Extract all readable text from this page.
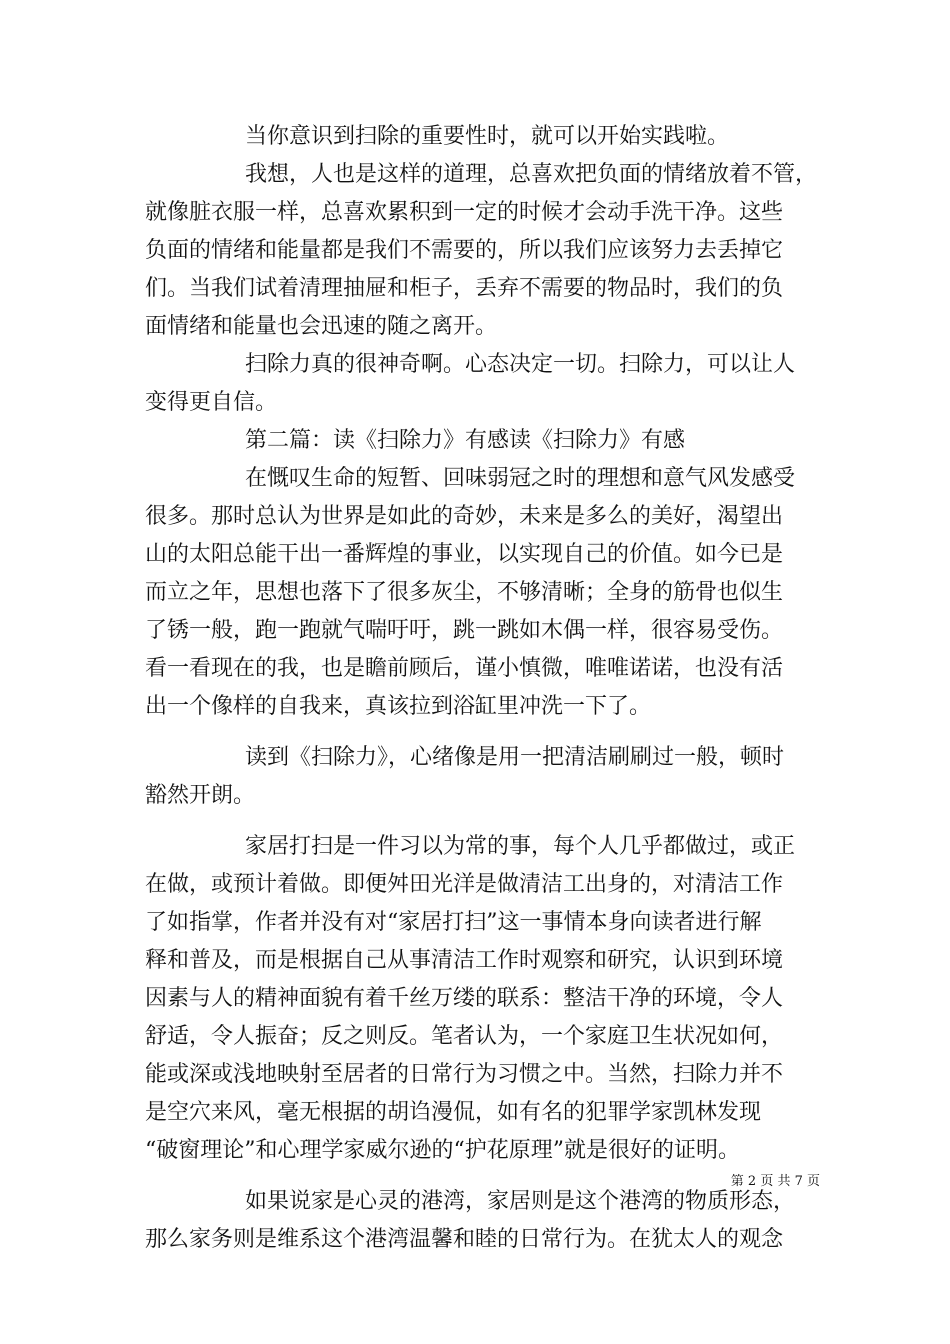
当你意识到扫除的重要性时，就可以开始实践啦。
我想，人也是这样的道理，总喜欢把负面的情绪放着不管，
就像脏衣服一样，总喜欢累积到一定的时候才会动手洗干净。这些
负面的情绪和能量都是我们不需要的，所以我们应该努力去丢掉它
们。当我们试着清理抽屉和柜子，丢弃不需要的物品时，我们的负
面情绪和能量也会迅速的随之离开。
扫除力真的很神奇啊。心态决定一切。扫除力，可以让人
变得更自信。
第二篇：读《扫除力》有感读《扫除力》有感
在慨叹生命的短暂、回味弱冠之时的理想和意气风发感受
很多。那时总认为世界是如此的奇妙，未来是多么的美好，渴望出
山的太阳总能干出一番辉煌的事业，以实现自己的价值。如今已是
而立之年，思想也落下了很多灰尘，不够清晰；全身的筋骨也似生
了锈一般，跑一跑就气喘吁吁，跳一跳如木偶一样，很容易受伤。
看一看现在的我，也是瞻前顾后，谨小慎微，唯唯诺诺，也没有活
出一个像样的自我来，真该拉到浴缸里冲洗一下了。
读到《扫除力》，心绪像是用一把清洁刷刷过一般，顿时
豁然开朗。
家居打扫是一件习以为常的事，每个人几乎都做过，或正
在做，或预计着做。即便舛田光洋是做清洁工出身的，对清洁工作
了如指掌，作者并没有对“家居打扫”这一事情本身向读者进行解
释和普及，而是根据自己从事清洁工作时观察和研究，认识到环境
因素与人的精神面貌有着千丝万缕的联系：整洁干净的环境，令人
舒适，令人振奋；反之则反。笔者认为，一个家庭卫生状况如何，
能或深或浅地映射至居者的日常行为习惯之中。当然，扫除力并不
是空穴来风，毫无根据的胡诌漫侃，如有名的犯罪学家凯林发现
“破窗理论”和心理学家威尔逊的“护花原理”就是很好的证明。
如果说家是心灵的港湾，家居则是这个港湾的物质形态，
那么家务则是维系这个港湾温馨和睦的日常行为。在犹太人的观念
第 2 页 共 7 页
